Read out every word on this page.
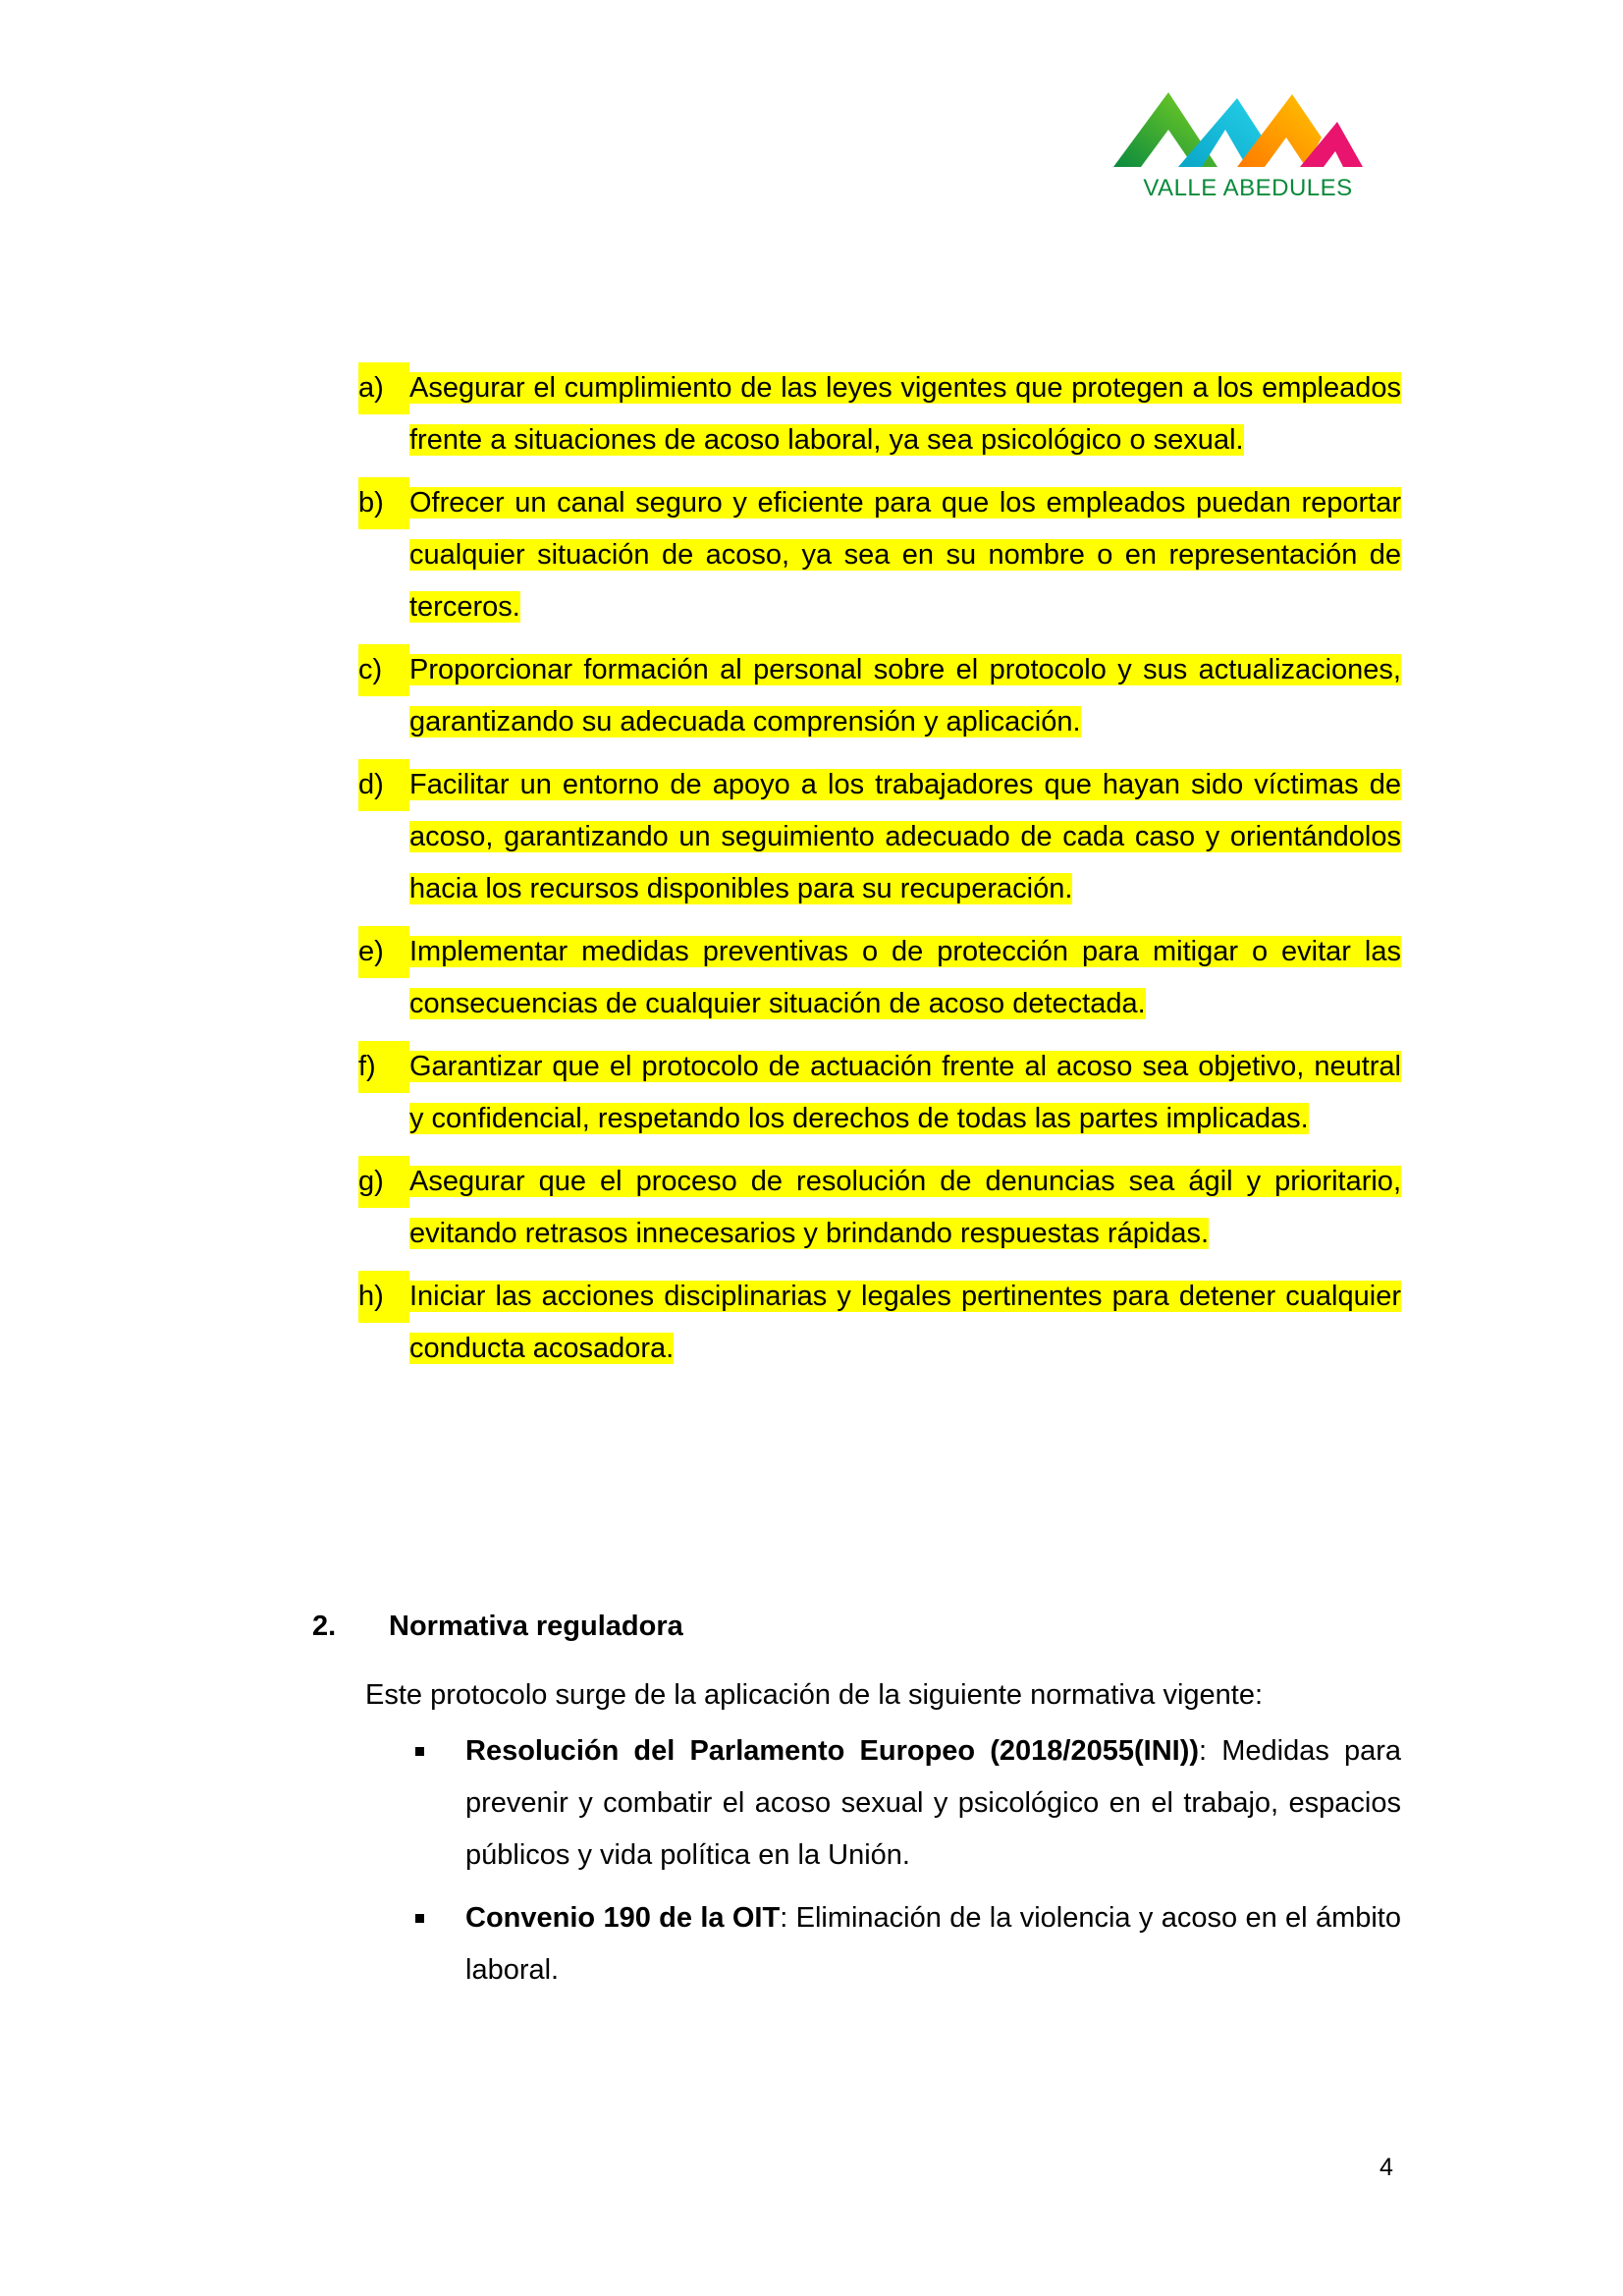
VALLE ABEDULES
a) Asegurar el cumplimiento de las leyes vigentes que protegen a los empleados frente a situaciones de acoso laboral, ya sea psicológico o sexual.
b) Ofrecer un canal seguro y eficiente para que los empleados puedan reportar cualquier situación de acoso, ya sea en su nombre o en representación de terceros.
c) Proporcionar formación al personal sobre el protocolo y sus actualizaciones, garantizando su adecuada comprensión y aplicación.
d) Facilitar un entorno de apoyo a los trabajadores que hayan sido víctimas de acoso, garantizando un seguimiento adecuado de cada caso y orientándolos hacia los recursos disponibles para su recuperación.
e) Implementar medidas preventivas o de protección para mitigar o evitar las consecuencias de cualquier situación de acoso detectada.
f)	Garantizar que el protocolo de actuación frente al acoso sea objetivo, neutral y confidencial, respetando los derechos de todas las partes implicadas.
g) Asegurar que el proceso de resolución de denuncias sea ágil y prioritario, evitando retrasos innecesarios y brindando respuestas rápidas.
h) Iniciar las acciones disciplinarias y legales pertinentes para detener cualquier conducta acosadora.
2. Normativa reguladora
Este protocolo surge de la aplicación de la siguiente normativa vigente:
Resolución del Parlamento Europeo (2018/2055(INI)): Medidas para prevenir y combatir el acoso sexual y psicológico en el trabajo, espacios públicos y vida política en la Unión.
Convenio 190 de la OIT: Eliminación de la violencia y acoso en el ámbito laboral.
4
